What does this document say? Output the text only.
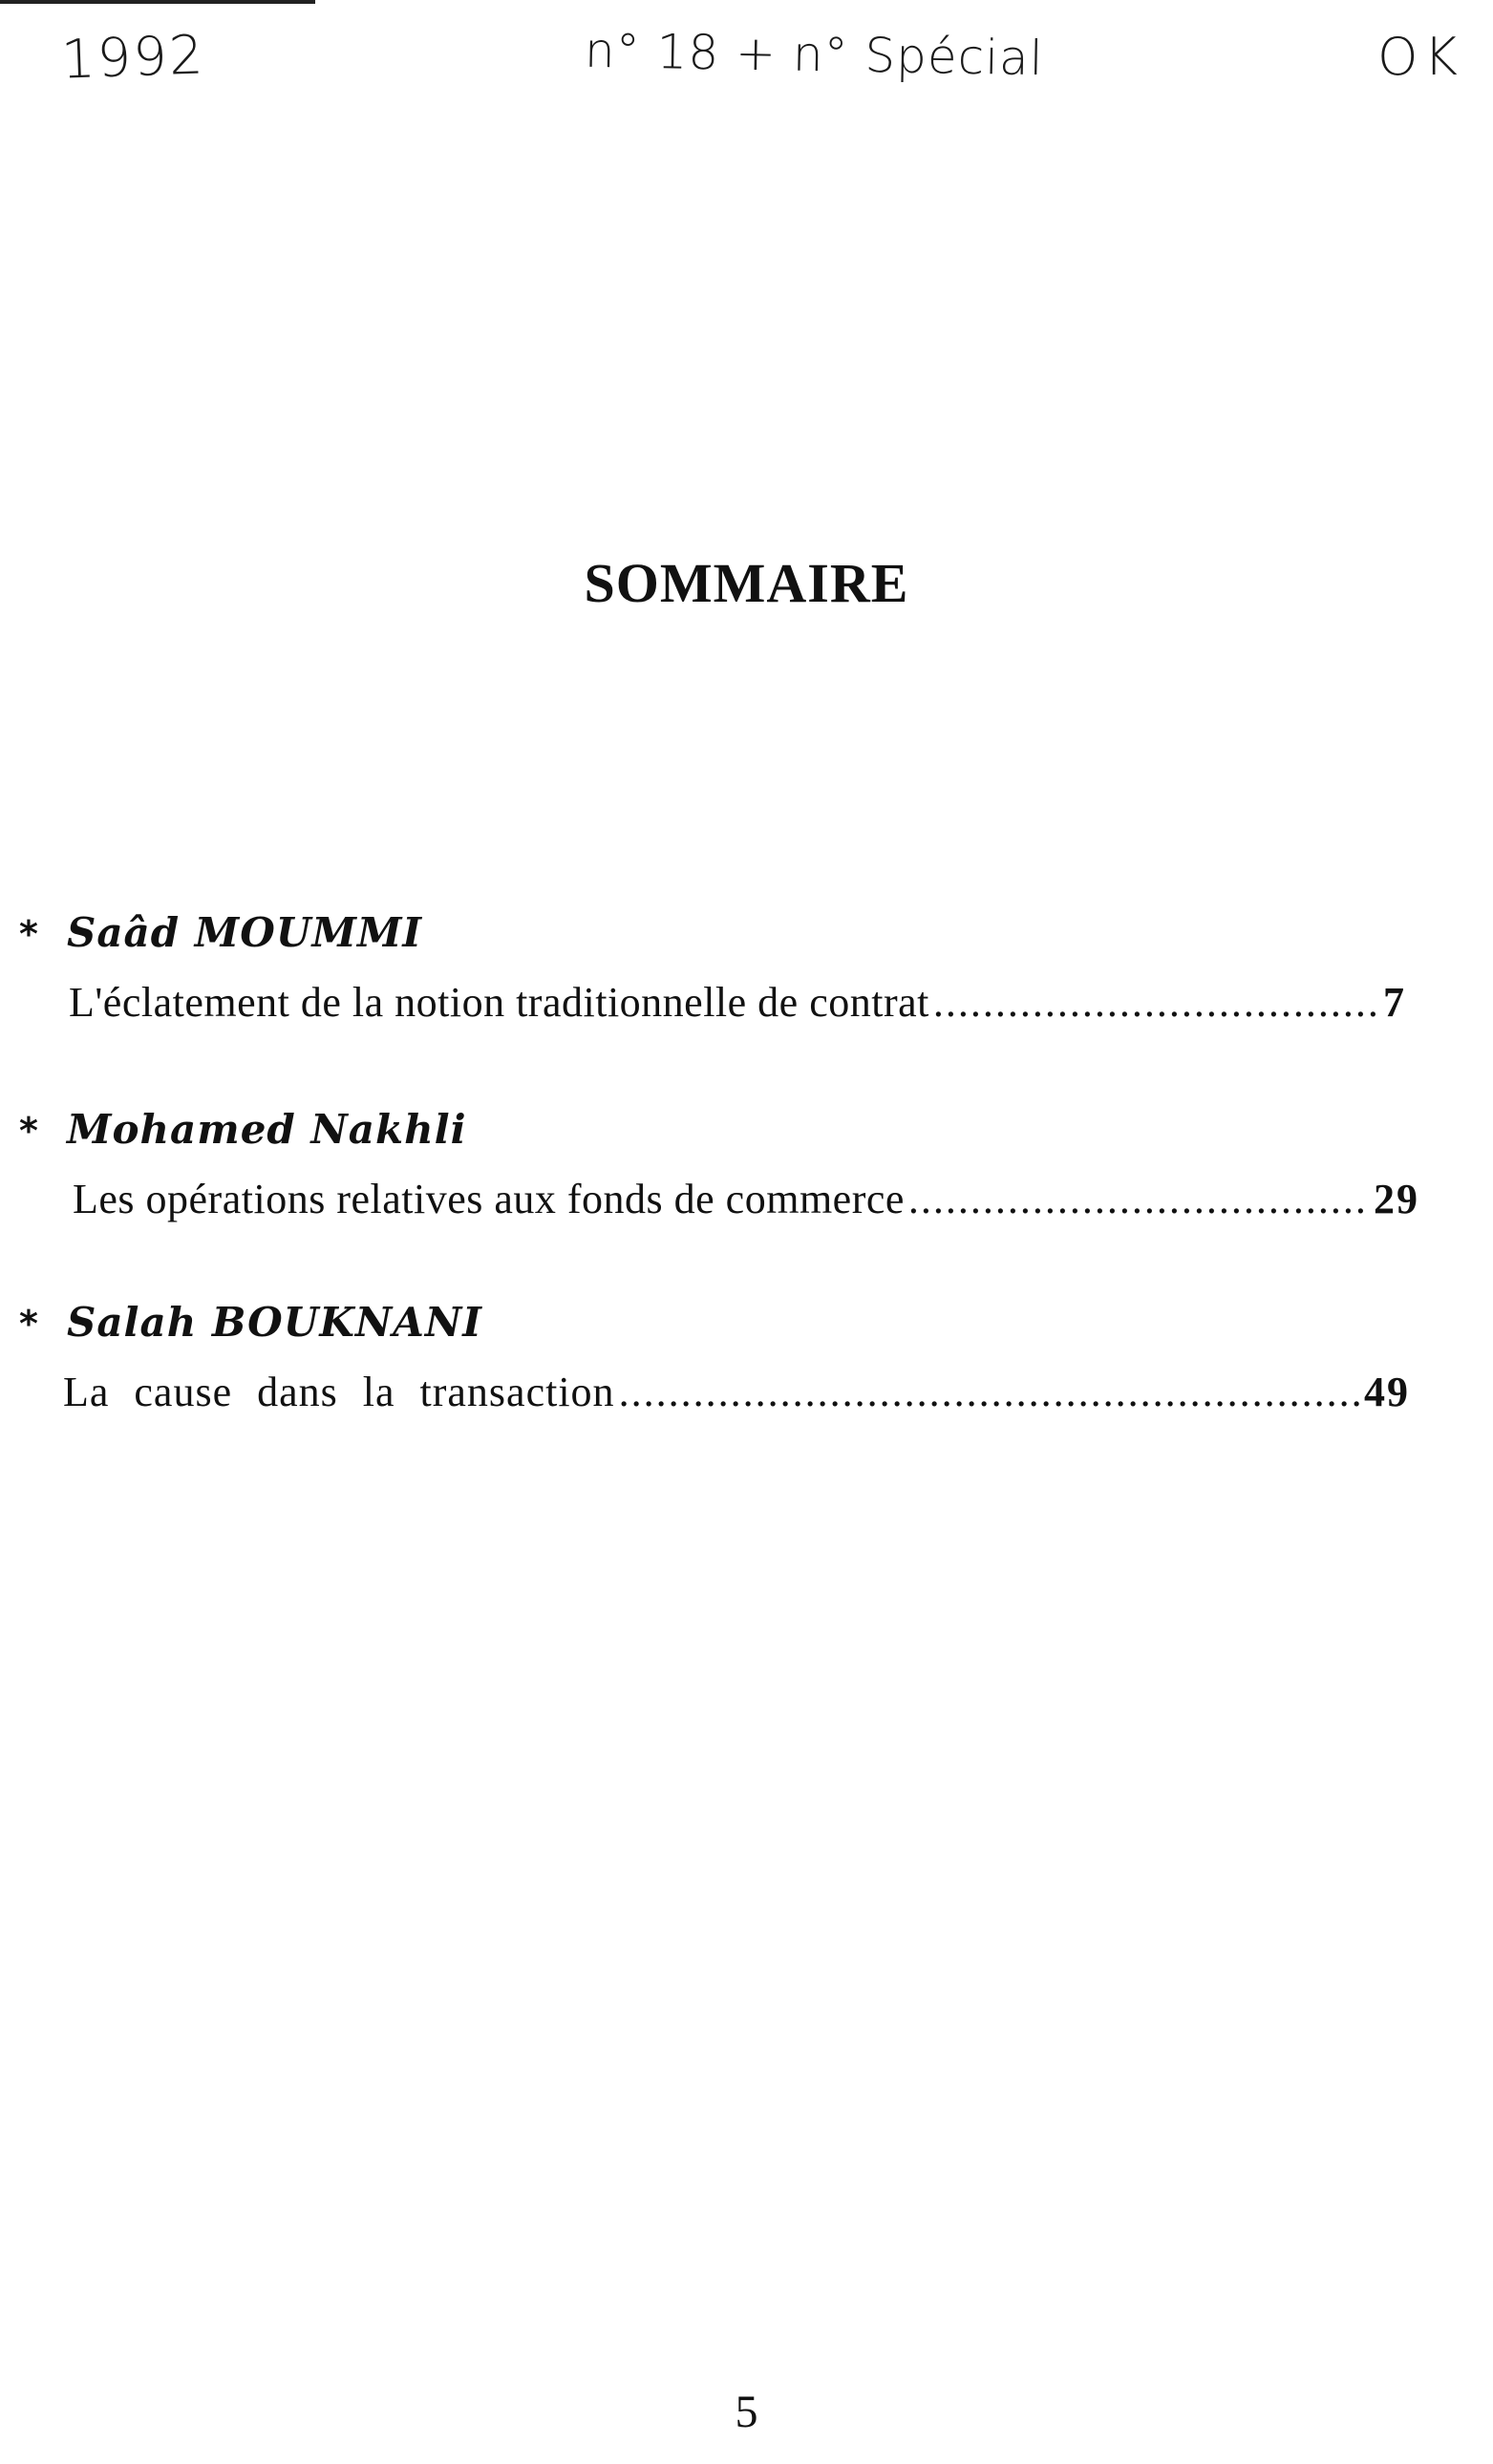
1992	n° 18 + n° Spécial	OK
SOMMAIRE
* Saâd MOUMMI
L'éclatement de la notion traditionnelle de contrat .....	7
* Mohamed Nakhli
Les opérations relatives aux fonds de commerce .....	29
* Salah BOUKNANI
La cause dans la transaction .....	49
5
